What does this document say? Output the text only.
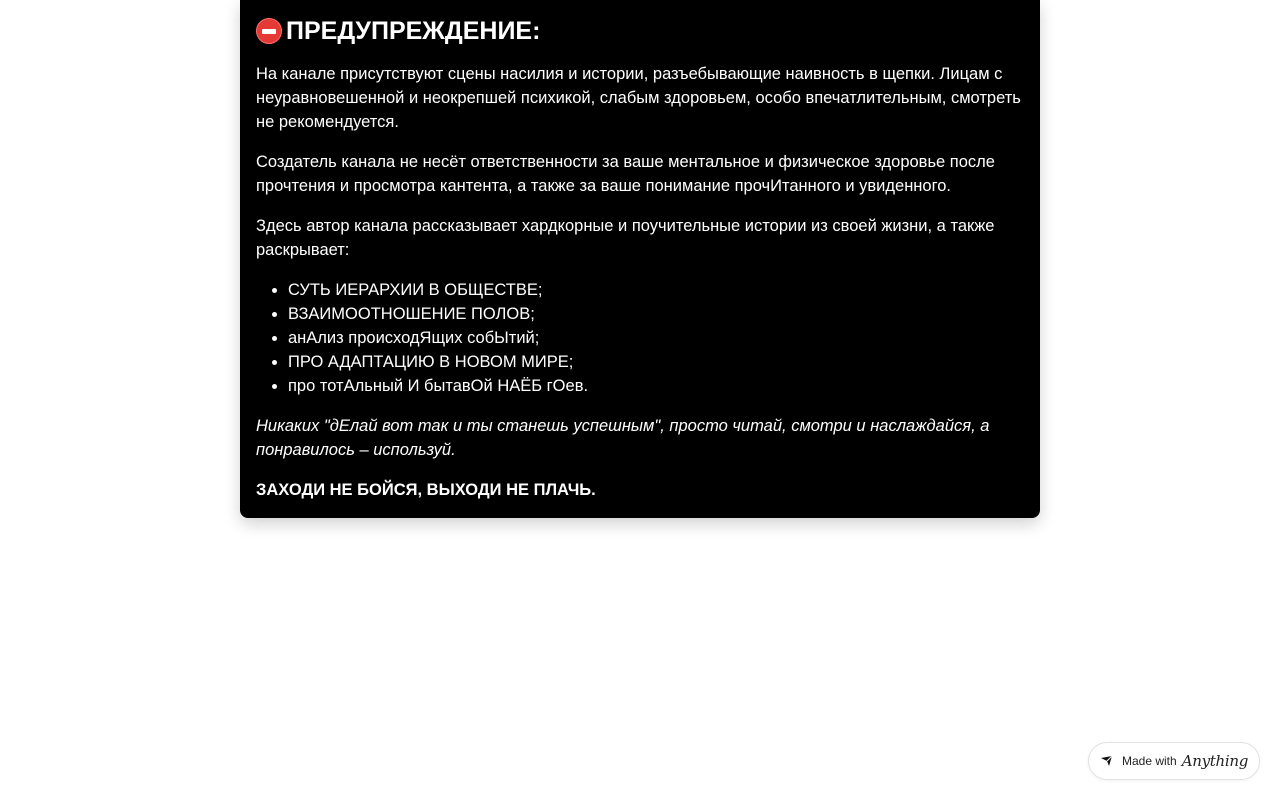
ПРЕДУПРЕЖДЕНИЕ:

На канале присутствуют сцены насилия и истории, разъебывающие наивность в щепки. Лицам с неуравновешенной и неокрепшей психикой, слабым здоровьем, особо впечатлительным, смотреть не рекомендуется.

Создатель канала не несёт ответственности за ваше ментальное и физическое здоровье после прочтения и просмотра кантента, а также за ваше понимание прочИтанного и увиденного.

Здесь автор канала рассказывает хардкорные и поучительные истории из своей жизни, а также раскрывает:

• СУТЬ ИЕРАРХИИ В ОБЩЕСТВЕ;
• ВЗАИМООТНОШЕНИЕ ПОЛОВ;
• анАлиз происходЯщих собЫтий;
• ПРО АДАПТАЦИЮ В НОВОМ МИРЕ;
• про тотАльный И бытавОй НАЁБ гОев.

Никаких "дЕлай вот так и ты станешь успешным", просто читай, смотри и наслаждайся, а понравилось – используй.

ЗАХОДИ НЕ БОЙСЯ, ВЫХОДИ НЕ ПЛАЧЬ.

Made with Anything
